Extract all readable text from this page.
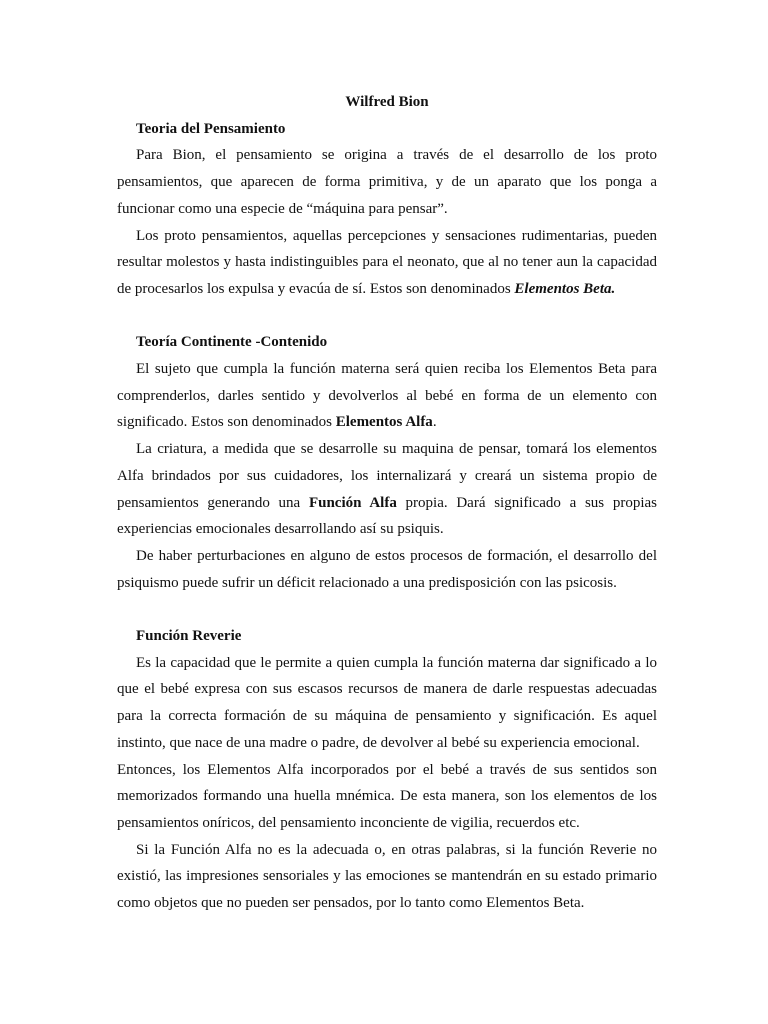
Wilfred Bion

Teoria del Pensamiento

Para Bion, el pensamiento se origina a través de el desarrollo de los proto pensamientos, que aparecen de forma primitiva, y de un aparato que los ponga a funcionar como una especie de “máquina para pensar”.

Los proto pensamientos, aquellas percepciones y sensaciones rudimentarias, pueden resultar molestos y hasta indistinguibles para el neonato, que al no tener aun la capacidad de procesarlos los expulsa y evacúa de sí. Estos son denominados Elementos Beta.

Teoría Continente -Contenido

El sujeto que cumpla la función materna será quien reciba los Elementos Beta para comprenderlos, darles sentido y devolverlos al bebé en forma de un elemento con significado. Estos son denominados Elementos Alfa.

La criatura, a medida que se desarrolle su maquina de pensar, tomará los elementos Alfa brindados por sus cuidadores, los internalizará y creará un sistema propio de pensamientos generando una Función Alfa propia. Dará significado a sus propias experiencias emocionales desarrollando así su psiquis.

De haber perturbaciones en alguno de estos procesos de formación, el desarrollo del psiquismo puede sufrir un déficit relacionado a una predisposición con las psicosis.

Función Reverie

Es la capacidad que le permite a quien cumpla la función materna dar significado a lo que el bebé expresa con sus escasos recursos de manera de darle respuestas adecuadas para la correcta formación de su máquina de pensamiento y significación. Es aquel instinto, que nace de una madre o padre, de devolver al bebé su experiencia emocional.

Entonces, los Elementos Alfa incorporados por el bebé a través de sus sentidos son memorizados formando una huella mnémica. De esta manera, son los elementos de los pensamientos oníricos, del pensamiento inconciente de vigilia, recuerdos etc.

Si la Función Alfa no es la adecuada o, en otras palabras, si la función Reverie no existió, las impresiones sensoriales y las emociones se mantendrán en su estado primario como objetos que no pueden ser pensados, por lo tanto como Elementos Beta.
